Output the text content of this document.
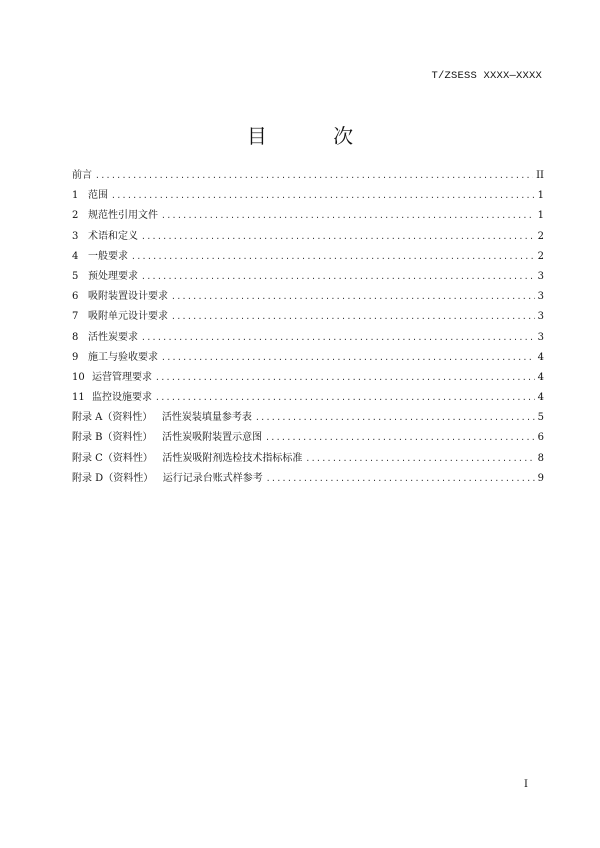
T/ZSESS XXXX—XXXX
目 次
前言 .....	II
1 范围 .....	1
2 规范性引用文件 .....	1
3 术语和定义 .....	2
4 一般要求 .....	2
5 预处理要求 .....	3
6 吸附装置设计要求 .....	3
7 吸附单元设计要求 .....	3
8 活性炭要求 .....	3
9 施工与验收要求 .....	4
10 运营管理要求 .....	4
11 监控设施要求 .....	4
附录 A（资料性）   活性炭装填量参考表 .....	5
附录 B（资料性）   活性炭吸附装置示意图 .....	6
附录 C（资料性）   活性炭吸附剂选检技术指标标准 .....	8
附录 D（资料性）   运行记录台账式样参考 .....	9
I
